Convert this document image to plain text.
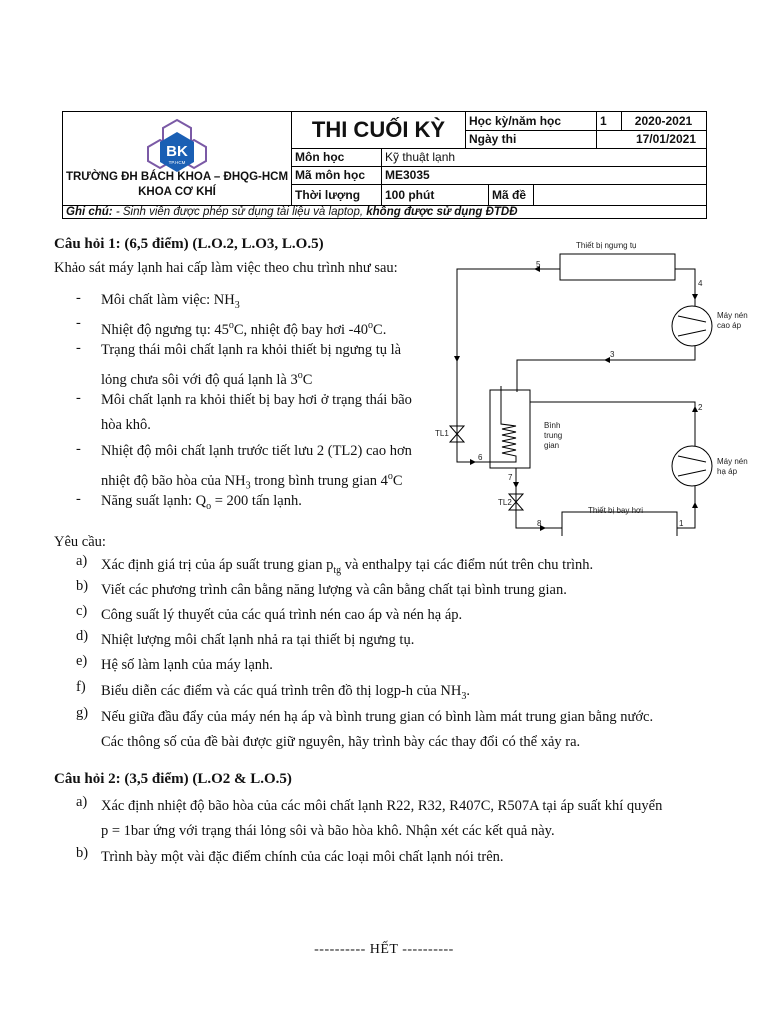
BK
TP.HCM
TRƯỜNG ĐH BÁCH KHOA – ĐHQG-HCM
KHOA CƠ KHÍ
THI CUỐI KỲ	Học kỳ/năm học	1	2020-2021
Ngày thi	17/01/2021
Môn học	Kỹ thuật lạnh
Mã môn học	ME3035
Thời lượng	100 phút	Mã đề
Ghi chú: - Sinh viên được phép sử dụng tài liệu và laptop, không được sử dụng ĐTDĐ
Câu hỏi 1: (6,5 điểm) (L.O.2, L.O3, L.O.5)
Khảo sát máy lạnh hai cấp làm việc theo chu trình như sau:
- Môi chất làm việc: $NH_3$
- Nhiệt độ ngưng tụ: 45$^o$C, nhiệt độ bay hơi -40$^o$C.
- Trạng thái môi chất lạnh ra khỏi thiết bị ngưng tụ là
lỏng chưa sôi với độ quá lạnh là 3$^o$C
- Môi chất lạnh ra khỏi thiết bị bay hơi ở trạng thái bão
hòa khô.
- Nhiệt độ môi chất lạnh trước tiết lưu 2 (TL2) cao hơn
nhiệt độ bão hòa của $NH_3$ trong bình trung gian 4$^o$C
- Năng suất lạnh: $Q_o = 200$ tấn lạnh.
Thiết bị ngưng tụ
Thiết bị bay hơi
Máy nén
cao áp
Máy nén
hạ áp
Bình
trung
gian
TL1
TL2
1
2
3
4
5
6
7
8
Yêu cầu:
a) Xác định giá trị của áp suất trung gian $p_{tg}$ và enthalpy tại các điểm nút trên chu trình.
b) Viết các phương trình cân bằng năng lượng và cân bằng chất tại bình trung gian.
c) Công suất lý thuyết của các quá trình nén cao áp và nén hạ áp.
d) Nhiệt lượng môi chất lạnh nhả ra tại thiết bị ngưng tụ.
e) Hệ số làm lạnh của máy lạnh.
f) Biểu diễn các điểm và các quá trình trên đồ thị logp-h của $NH_3$.
g) Nếu giữa đầu đẩy của máy nén hạ áp và bình trung gian có bình làm mát trung gian bằng nước.
Các thông số của đề bài được giữ nguyên, hãy trình bày các thay đổi có thể xảy ra.
Câu hỏi 2: (3,5 điểm) (L.O2 & L.O.5)
a) Xác định nhiệt độ bão hòa của các môi chất lạnh R22, R32, R407C, R507A tại áp suất khí quyển
p = 1bar ứng với trạng thái lỏng sôi và bão hòa khô. Nhận xét các kết quả này.
b) Trình bày một vài đặc điểm chính của các loại môi chất lạnh nói trên.
---------- HẾT ----------
